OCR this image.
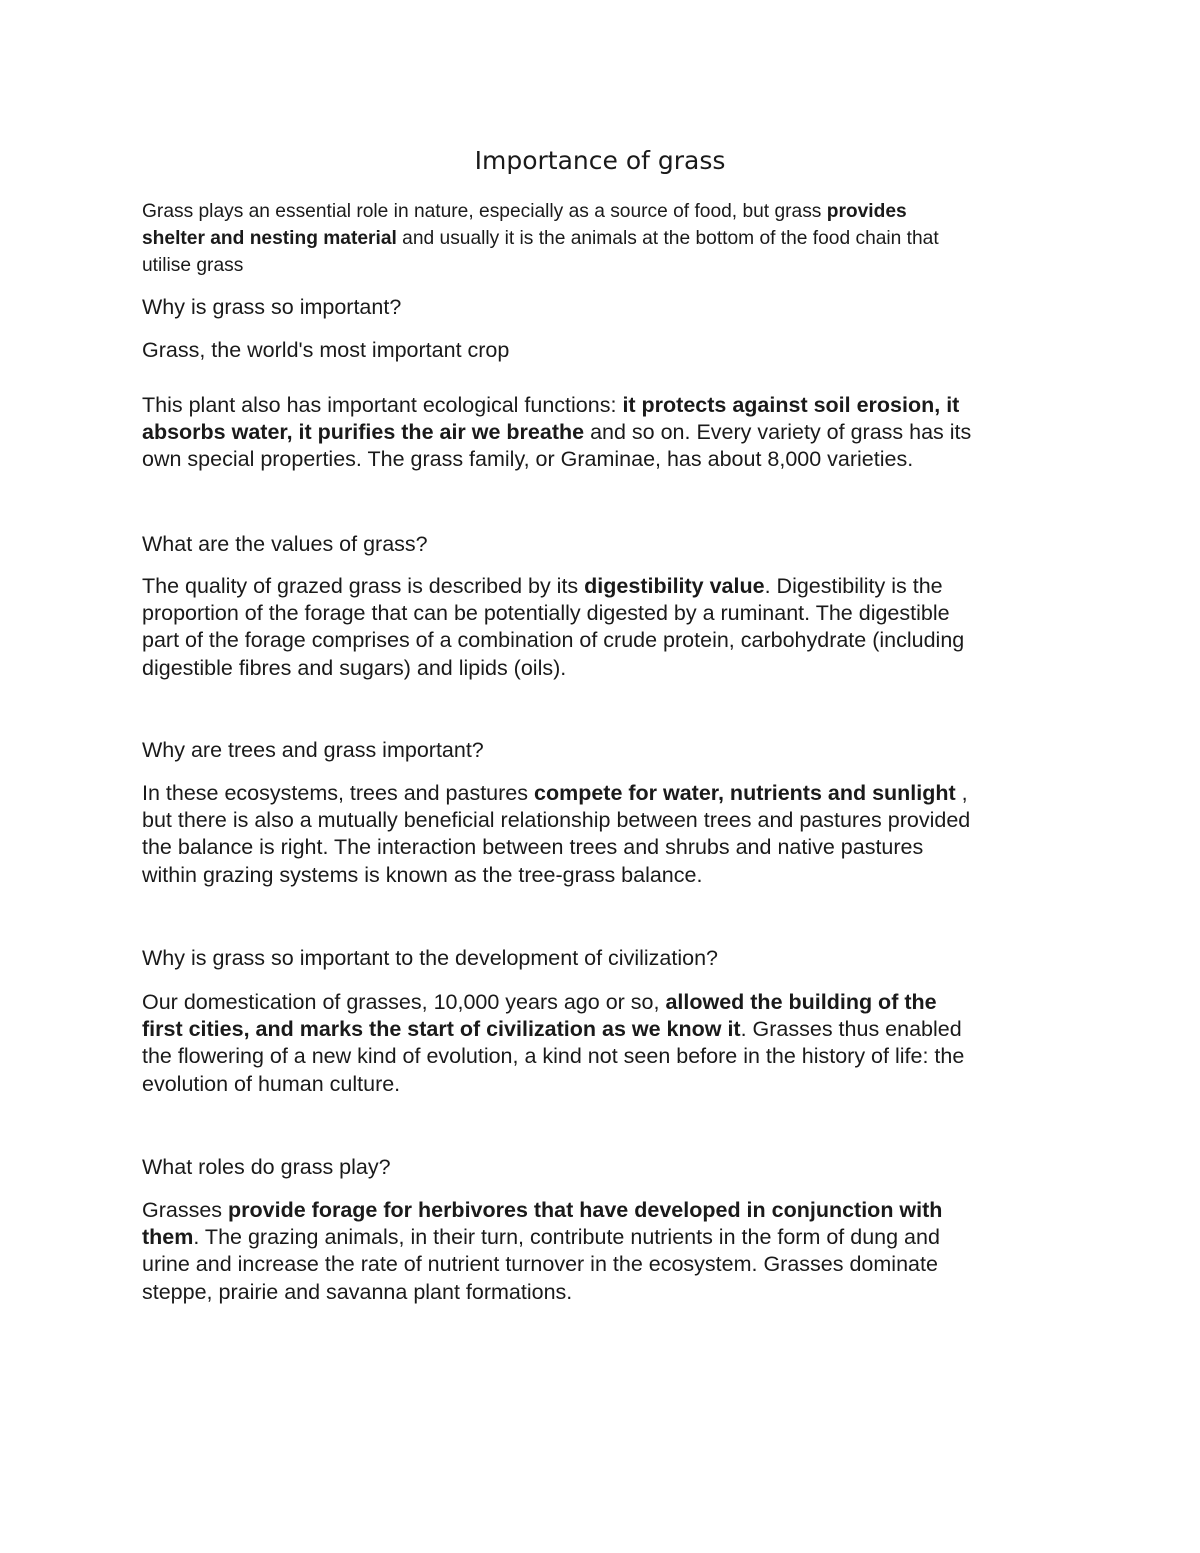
Importance of grass

Grass plays an essential role in nature, especially as a source of food, but grass provides
shelter and nesting material and usually it is the animals at the bottom of the food chain that
utilise grass

Why is grass so important?

Grass, the world's most important crop

This plant also has important ecological functions: it protects against soil erosion, it
absorbs water, it purifies the air we breathe and so on. Every variety of grass has its
own special properties. The grass family, or Graminae, has about 8,000 varieties.

What are the values of grass?

The quality of grazed grass is described by its digestibility value. Digestibility is the
proportion of the forage that can be potentially digested by a ruminant. The digestible
part of the forage comprises of a combination of crude protein, carbohydrate (including
digestible fibres and sugars) and lipids (oils).

Why are trees and grass important?

In these ecosystems, trees and pastures compete for water, nutrients and sunlight ,
but there is also a mutually beneficial relationship between trees and pastures provided
the balance is right. The interaction between trees and shrubs and native pastures
within grazing systems is known as the tree-grass balance.

Why is grass so important to the development of civilization?

Our domestication of grasses, 10,000 years ago or so, allowed the building of the
first cities, and marks the start of civilization as we know it. Grasses thus enabled
the flowering of a new kind of evolution, a kind not seen before in the history of life: the
evolution of human culture.

What roles do grass play?

Grasses provide forage for herbivores that have developed in conjunction with
them. The grazing animals, in their turn, contribute nutrients in the form of dung and
urine and increase the rate of nutrient turnover in the ecosystem. Grasses dominate
steppe, prairie and savanna plant formations.
